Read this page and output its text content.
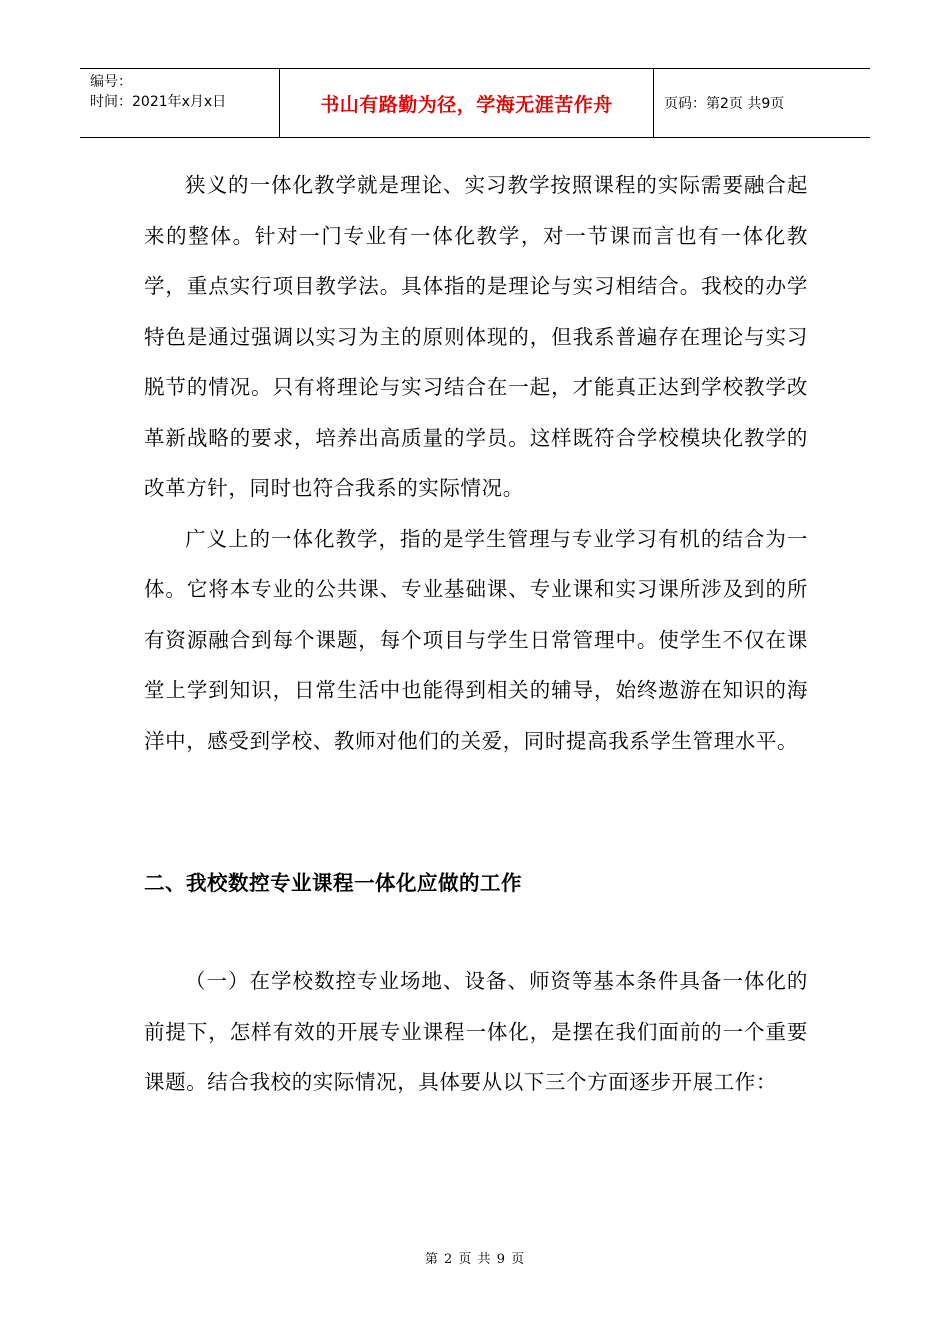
编号：
时间：2021年x月x日	书山有路勤为径，学海无涯苦作舟	页码：第2页 共9页

狭义的一体化教学就是理论、实习教学按照课程的实际需要融合起来的整体。针对一门专业有一体化教学，对一节课而言也有一体化教学，重点实行项目教学法。具体指的是理论与实习相结合。我校的办学特色是通过强调以实习为主的原则体现的，但我系普遍存在理论与实习脱节的情况。只有将理论与实习结合在一起，才能真正达到学校教学改革新战略的要求，培养出高质量的学员。这样既符合学校模块化教学的改革方针，同时也符合我系的实际情况。

广义上的一体化教学，指的是学生管理与专业学习有机的结合为一体。它将本专业的公共课、专业基础课、专业课和实习课所涉及到的所有资源融合到每个课题，每个项目与学生日常管理中。使学生不仅在课堂上学到知识，日常生活中也能得到相关的辅导，始终遨游在知识的海洋中，感受到学校、教师对他们的关爱，同时提高我系学生管理水平。

二、我校数控专业课程一体化应做的工作

（一）在学校数控专业场地、设备、师资等基本条件具备一体化的前提下，怎样有效的开展专业课程一体化，是摆在我们面前的一个重要课题。结合我校的实际情况，具体要从以下三个方面逐步开展工作：

第 2 页 共 9 页
